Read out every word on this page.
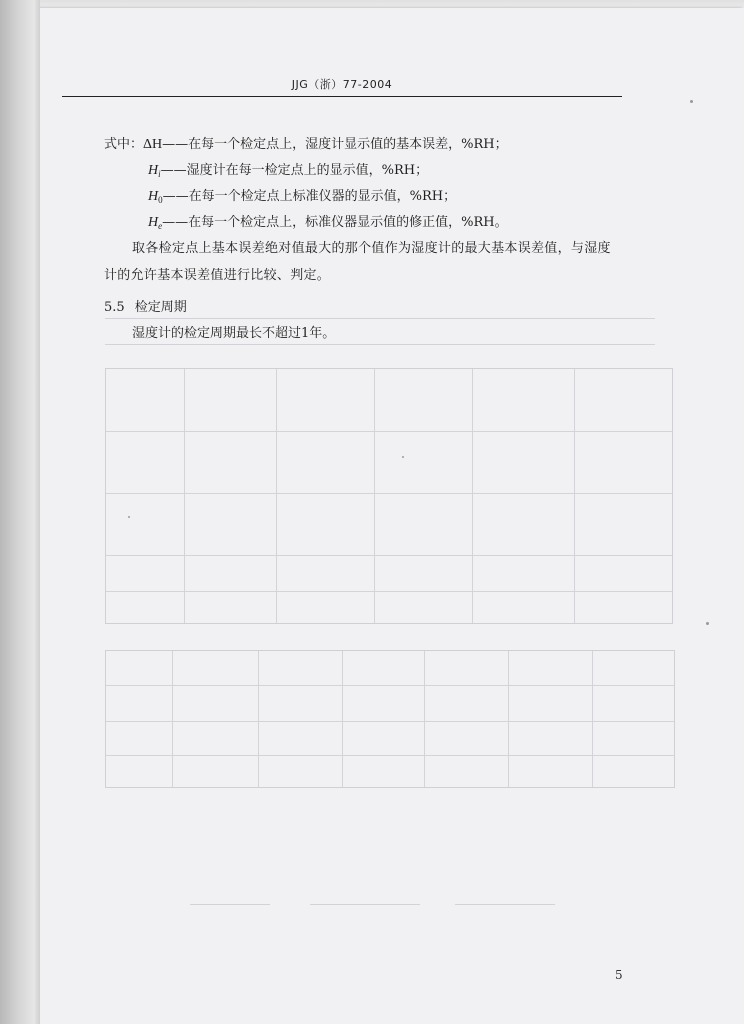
JJG（浙）77-2004
式中：ΔH——在每一个检定点上，湿度计显示值的基本误差，%RH；
$H_i——$湿度计在每一检定点上的显示值，%RH；
$H_0——$在每一个检定点上标准仪器的显示值，%RH；
$H_e——$在每一个检定点上，标准仪器显示值的修正值，%RH。
取各检定点上基本误差绝对值最大的那个值作为湿度计的最大基本误差值，与湿度
计的允许基本误差值进行比较、判定。
5.5 检定周期
湿度计的检定周期最长不超过1年。
5
